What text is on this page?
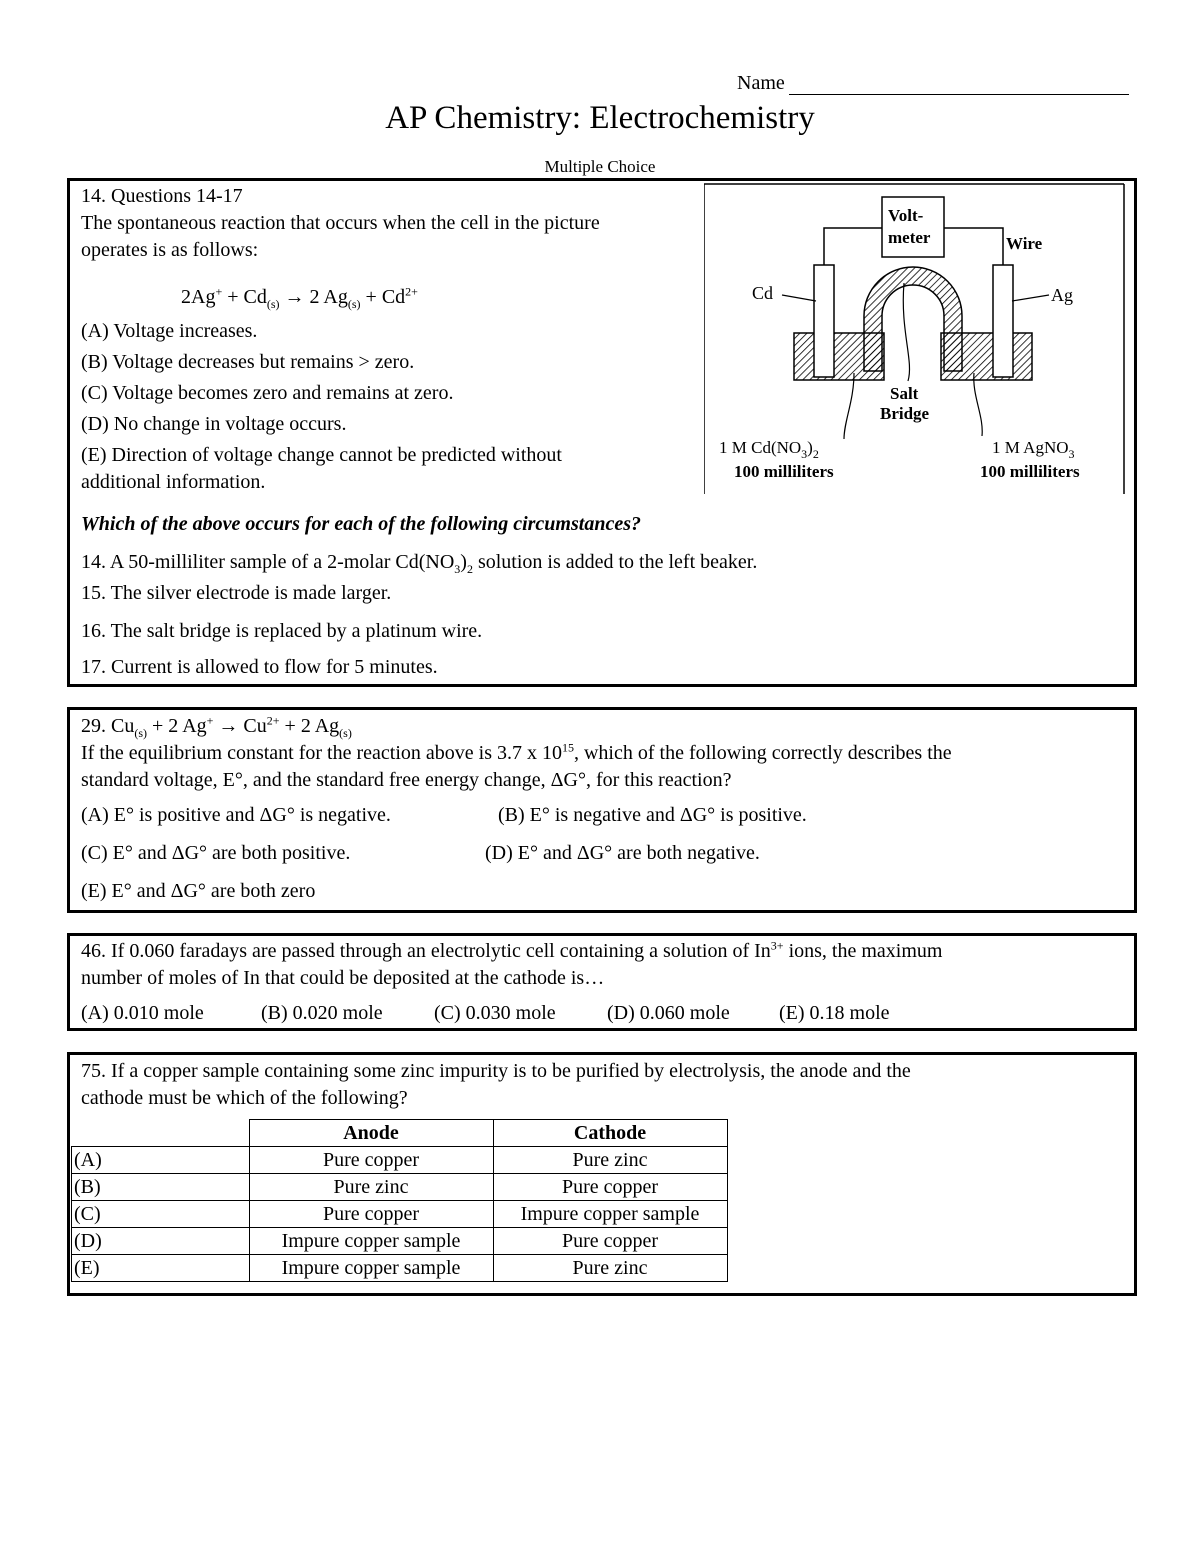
Name
AP Chemistry: Electrochemistry
Multiple Choice
14. Questions 14-17
The spontaneous reaction that occurs when the cell in the picture
operates is as follows:
$2Ag^+ + Cd_{(s)} \to 2$ $Ag_{(s)} + Cd^{2+}$
(A) Voltage increases.
(B) Voltage decreases but remains > zero.
(C) Voltage becomes zero and remains at zero.
(D) No change in voltage occurs.
(E) Direction of voltage change cannot be predicted without
additional information.
Volt-
meter	Wire
Cd	Ag
Salt
Bridge
1 M $Cd(NO_3)_2$
100 milliliters
1 M AgNO$_3$
100 milliliters
Which of the above occurs for each of the following circumstances?
14. A 50-milliliter sample of a 2-molar $Cd(NO_3)_2$ solution is added to the left beaker.
15. The silver electrode is made larger.
16. The salt bridge is replaced by a platinum wire.
17. Current is allowed to flow for 5 minutes.
29. $Cu_{(s)} + 2$ $Ag^+ \to Cu^{2+} + 2$ $Ag_{(s)}$
If the equilibrium constant for the reaction above is 3.7 x $10^{15}$, which of the following correctly describes the
standard voltage, E°, and the standard free energy change, ΔG°, for this reaction?
(A) E° is positive and ΔG° is negative.	(B) E° is negative and ΔG° is positive.
(C) E° and ΔG° are both positive.	(D) E° and ΔG° are both negative.
(E) E° and ΔG° are both zero
46. If 0.060 faradays are passed through an electrolytic cell containing a solution of $In^{3+}$ ions, the maximum
number of moles of In that could be deposited at the cathode is…
(A) 0.010 mole	(B) 0.020 mole	(C) 0.030 mole	(D) 0.060 mole (E) 0.18 mole
75. If a copper sample containing some zinc impurity is to be purified by electrolysis, the anode and the
cathode must be which of the following?
	Anode	Cathode
(A)	Pure copper	Pure zinc
(B)	Pure zinc	Pure copper
(C)	Pure copper	Impure copper sample
(D)	Impure copper sample	Pure copper
(E)	Impure copper sample	Pure zinc
